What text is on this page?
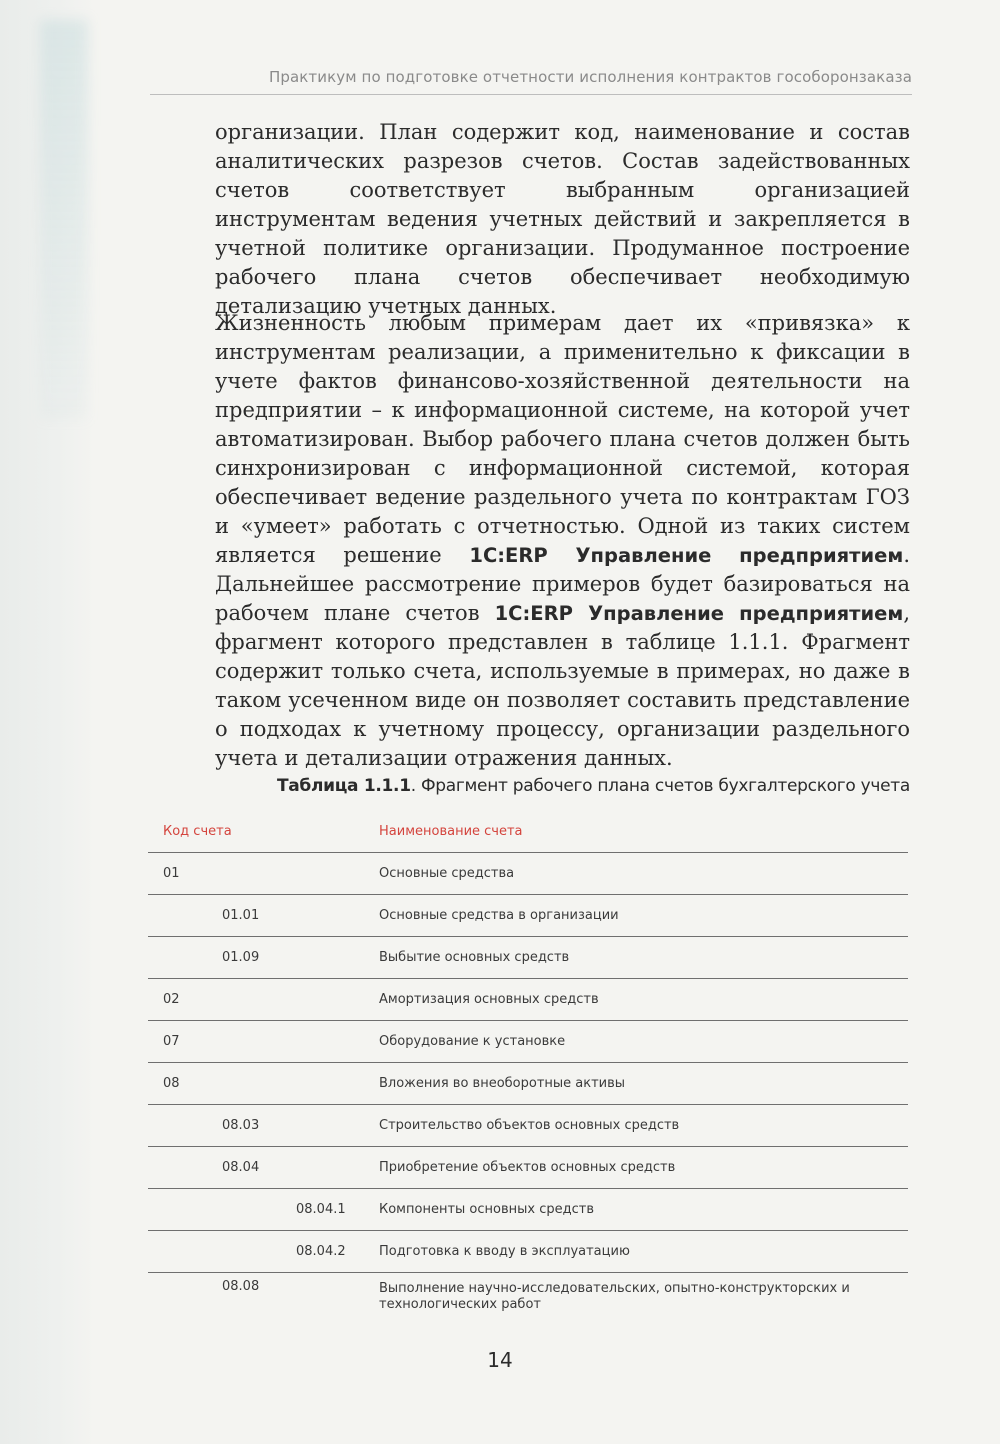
Практикум по подготовке отчетности исполнения контрактов гособоронзаказа

организации. План содержит код, наименование и состав аналитических разрезов счетов. Состав задействованных счетов соответствует выбранным организацией инструментам ведения учетных действий и закрепляется в учетной политике организации. Продуманное построение рабочего плана счетов обеспечивает необходимую детализацию учетных данных.

Жизненность любым примерам дает их «привязка» к инструментам реализации, а применительно к фиксации в учете фактов финансово-хозяйственной деятельности на предприятии – к информационной системе, на которой учет автоматизирован. Выбор рабочего плана счетов должен быть синхронизирован с информационной системой, которая обеспечивает ведение раздельного учета по контрактам ГОЗ и «умеет» работать с отчетностью. Одной из таких систем является решение 1С:ERP Управление предприятием. Дальнейшее рассмотрение примеров будет базироваться на рабочем плане счетов 1С:ERP Управление предприятием, фрагмент которого представлен в таблице 1.1.1. Фрагмент содержит только счета, используемые в примерах, но даже в таком усеченном виде он позволяет составить представление о подходах к учетному процессу, организации раздельного учета и детализации отражения данных.

Таблица 1.1.1. Фрагмент рабочего плана счетов бухгалтерского учета
Код счета	Наименование счета
01	Основные средства
01.01	Основные средства в организации
01.09	Выбытие основных средств
02	Амортизация основных средств
07	Оборудование к установке
08	Вложения во внеоборотные активы
08.03	Строительство объектов основных средств
08.04	Приобретение объектов основных средств
08.04.1	Компоненты основных средств
08.04.2	Подготовка к вводу в эксплуатацию
08.08	Выполнение научно-исследовательских, опытно-конструкторских и технологических работ
14
